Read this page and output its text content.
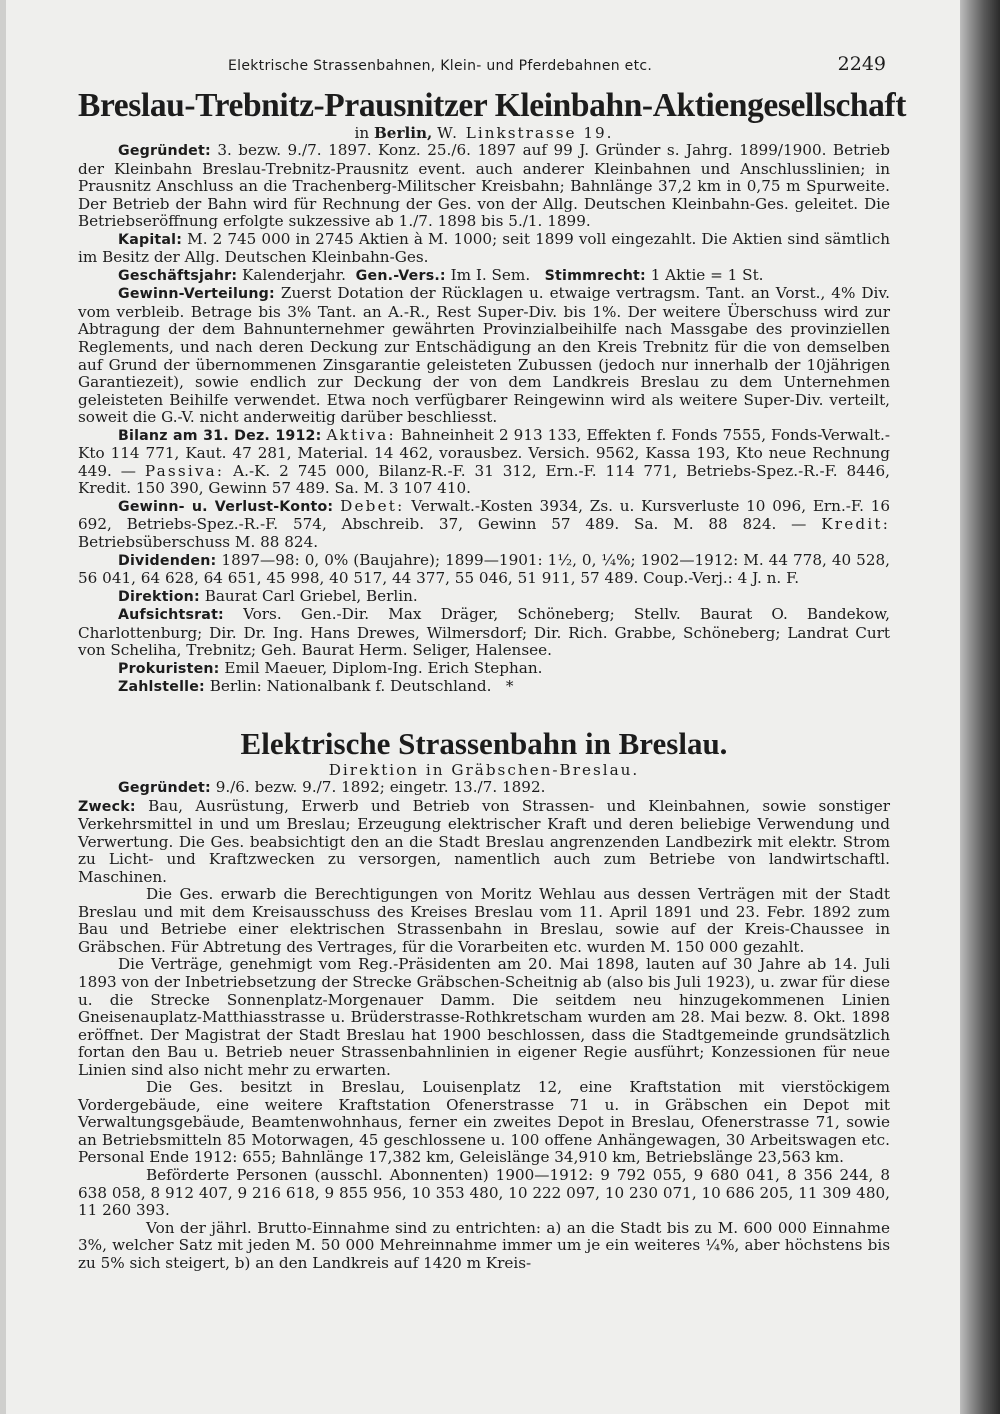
Elektrische Strassenbahnen, Klein- und Pferdebahnen etc.	2249
Breslau-Trebnitz-Prausnitzer Kleinbahn-Aktiengesellschaft
in Berlin, W. Linkstrasse 19.

Gegründet: 3. bezw. 9./7. 1897. Konz. 25./6. 1897 auf 99 J. Gründer s. Jahrg. 1899/1900. Betrieb der Kleinbahn Breslau-Trebnitz-Prausnitz event. auch anderer Kleinbahnen und Anschlusslinien; in Prausnitz Anschluss an die Trachenberg-Militscher Kreisbahn; Bahnlänge 37,2 km in 0,75 m Spurweite. Der Betrieb der Bahn wird für Rechnung der Ges. von der Allg. Deutschen Kleinbahn-Ges. geleitet. Die Betriebseröffnung erfolgte sukzessive ab 1./7. 1898 bis 5./1. 1899.

Kapital: M. 2 745 000 in 2745 Aktien à M. 1000; seit 1899 voll eingezahlt. Die Aktien sind sämtlich im Besitz der Allg. Deutschen Kleinbahn-Ges.

Geschäftsjahr: Kalenderjahr. Gen.-Vers.: Im I. Sem. Stimmrecht: 1 Aktie = 1 St.

Gewinn-Verteilung: Zuerst Dotation der Rücklagen u. etwaige vertragsm. Tant. an Vorst., 4% Div. vom verbleib. Betrage bis 3% Tant. an A.-R., Rest Super-Div. bis 1%. Der weitere Überschuss wird zur Abtragung der dem Bahnunternehmer gewährten Provinzialbeihilfe nach Massgabe des provinziellen Reglements, und nach deren Deckung zur Entschädigung an den Kreis Trebnitz für die von demselben auf Grund der übernommenen Zinsgarantie geleisteten Zubussen (jedoch nur innerhalb der 10jährigen Garantiezeit), sowie endlich zur Deckung der von dem Landkreis Breslau zu dem Unternehmen geleisteten Beihilfe verwendet. Etwa noch verfügbarer Reingewinn wird als weitere Super-Div. verteilt, soweit die G.-V. nicht anderweitig darüber beschliesst.

Bilanz am 31. Dez. 1912: Aktiva: Bahneinheit 2 913 133, Effekten f. Fonds 7555, Fonds-Verwalt.-Kto 114 771, Kaut. 47 281, Material. 14 462, vorausbez. Versich. 9562, Kassa 193, Kto neue Rechnung 449. — Passiva: A.-K. 2 745 000, Bilanz-R.-F. 31 312, Ern.-F. 114 771, Betriebs-Spez.-R.-F. 8446, Kredit. 150 390, Gewinn 57 489. Sa. M. 3 107 410.

Gewinn- u. Verlust-Konto: Debet: Verwalt.-Kosten 3934, Zs. u. Kursverluste 10 096, Ern.-F. 16 692, Betriebs-Spez.-R.-F. 574, Abschreib. 37, Gewinn 57 489. Sa. M. 88 824. — Kredit: Betriebsüberschuss M. 88 824.

Dividenden: 1897—98: 0, 0% (Baujahre); 1899—1901: 1½, 0, ¼%; 1902—1912: M. 44 778, 40 528, 56 041, 64 628, 64 651, 45 998, 40 517, 44 377, 55 046, 51 911, 57 489. Coup.-Verj.: 4 J. n. F.

Direktion: Baurat Carl Griebel, Berlin.

Aufsichtsrat: Vors. Gen.-Dir. Max Dräger, Schöneberg; Stellv. Baurat O. Bandekow, Charlottenburg; Dir. Dr. Ing. Hans Drewes, Wilmersdorf; Dir. Rich. Grabbe, Schöneberg; Landrat Curt von Scheliha, Trebnitz; Geh. Baurat Herm. Seliger, Halensee.

Prokuristen: Emil Maeuer, Diplom-Ing. Erich Stephan.

Zahlstelle: Berlin: Nationalbank f. Deutschland. *

Elektrische Strassenbahn in Breslau.
Direktion in Gräbschen-Breslau.

Gegründet: 9./6. bezw. 9./7. 1892; eingetr. 13./7. 1892.

Zweck: Bau, Ausrüstung, Erwerb und Betrieb von Strassen- und Kleinbahnen, sowie sonstiger Verkehrsmittel in und um Breslau; Erzeugung elektrischer Kraft und deren beliebige Verwendung und Verwertung. Die Ges. beabsichtigt den an die Stadt Breslau angrenzenden Landbezirk mit elektr. Strom zu Licht- und Kraftzwecken zu versorgen, namentlich auch zum Betriebe von landwirtschaftl. Maschinen.

Die Ges. erwarb die Berechtigungen von Moritz Wehlau aus dessen Verträgen mit der Stadt Breslau und mit dem Kreisausschuss des Kreises Breslau vom 11. April 1891 und 23. Febr. 1892 zum Bau und Betriebe einer elektrischen Strassenbahn in Breslau, sowie auf der Kreis-Chaussee in Gräbschen. Für Abtretung des Vertrages, für die Vorarbeiten etc. wurden M. 150 000 gezahlt.

Die Verträge, genehmigt vom Reg.-Präsidenten am 20. Mai 1898, lauten auf 30 Jahre ab 14. Juli 1893 von der Inbetriebsetzung der Strecke Gräbschen-Scheitnig ab (also bis Juli 1923), u. zwar für diese u. die Strecke Sonnenplatz-Morgenauer Damm. Die seitdem neu hinzugekommenen Linien Gneisenauplatz-Matthiasstrasse u. Brüderstrasse-Rothkretscham wurden am 28. Mai bezw. 8. Okt. 1898 eröffnet. Der Magistrat der Stadt Breslau hat 1900 beschlossen, dass die Stadtgemeinde grundsätzlich fortan den Bau u. Betrieb neuer Strassenbahnlinien in eigener Regie ausführt; Konzessionen für neue Linien sind also nicht mehr zu erwarten.

Die Ges. besitzt in Breslau, Louisenplatz 12, eine Kraftstation mit vierstöckigem Vordergebäude, eine weitere Kraftstation Ofenerstrasse 71 u. in Gräbschen ein Depot mit Verwaltungsgebäude, Beamtenwohnhaus, ferner ein zweites Depot in Breslau, Ofenerstrasse 71, sowie an Betriebsmitteln 85 Motorwagen, 45 geschlossene u. 100 offene Anhängewagen, 30 Arbeitswagen etc. Personal Ende 1912: 655; Bahnlänge 17,382 km, Geleislänge 34,910 km, Betriebslänge 23,563 km.

Beförderte Personen (ausschl. Abonnenten) 1900—1912: 9 792 055, 9 680 041, 8 356 244, 8 638 058, 8 912 407, 9 216 618, 9 855 956, 10 353 480, 10 222 097, 10 230 071, 10 686 205, 11 309 480, 11 260 393.

Von der jährl. Brutto-Einnahme sind zu entrichten: a) an die Stadt bis zu M. 600 000 Einnahme 3%, welcher Satz mit jeden M. 50 000 Mehreinnahme immer um je ein weiteres ¼%, aber höchstens bis zu 5% sich steigert, b) an den Landkreis auf 1420 m Kreis-
